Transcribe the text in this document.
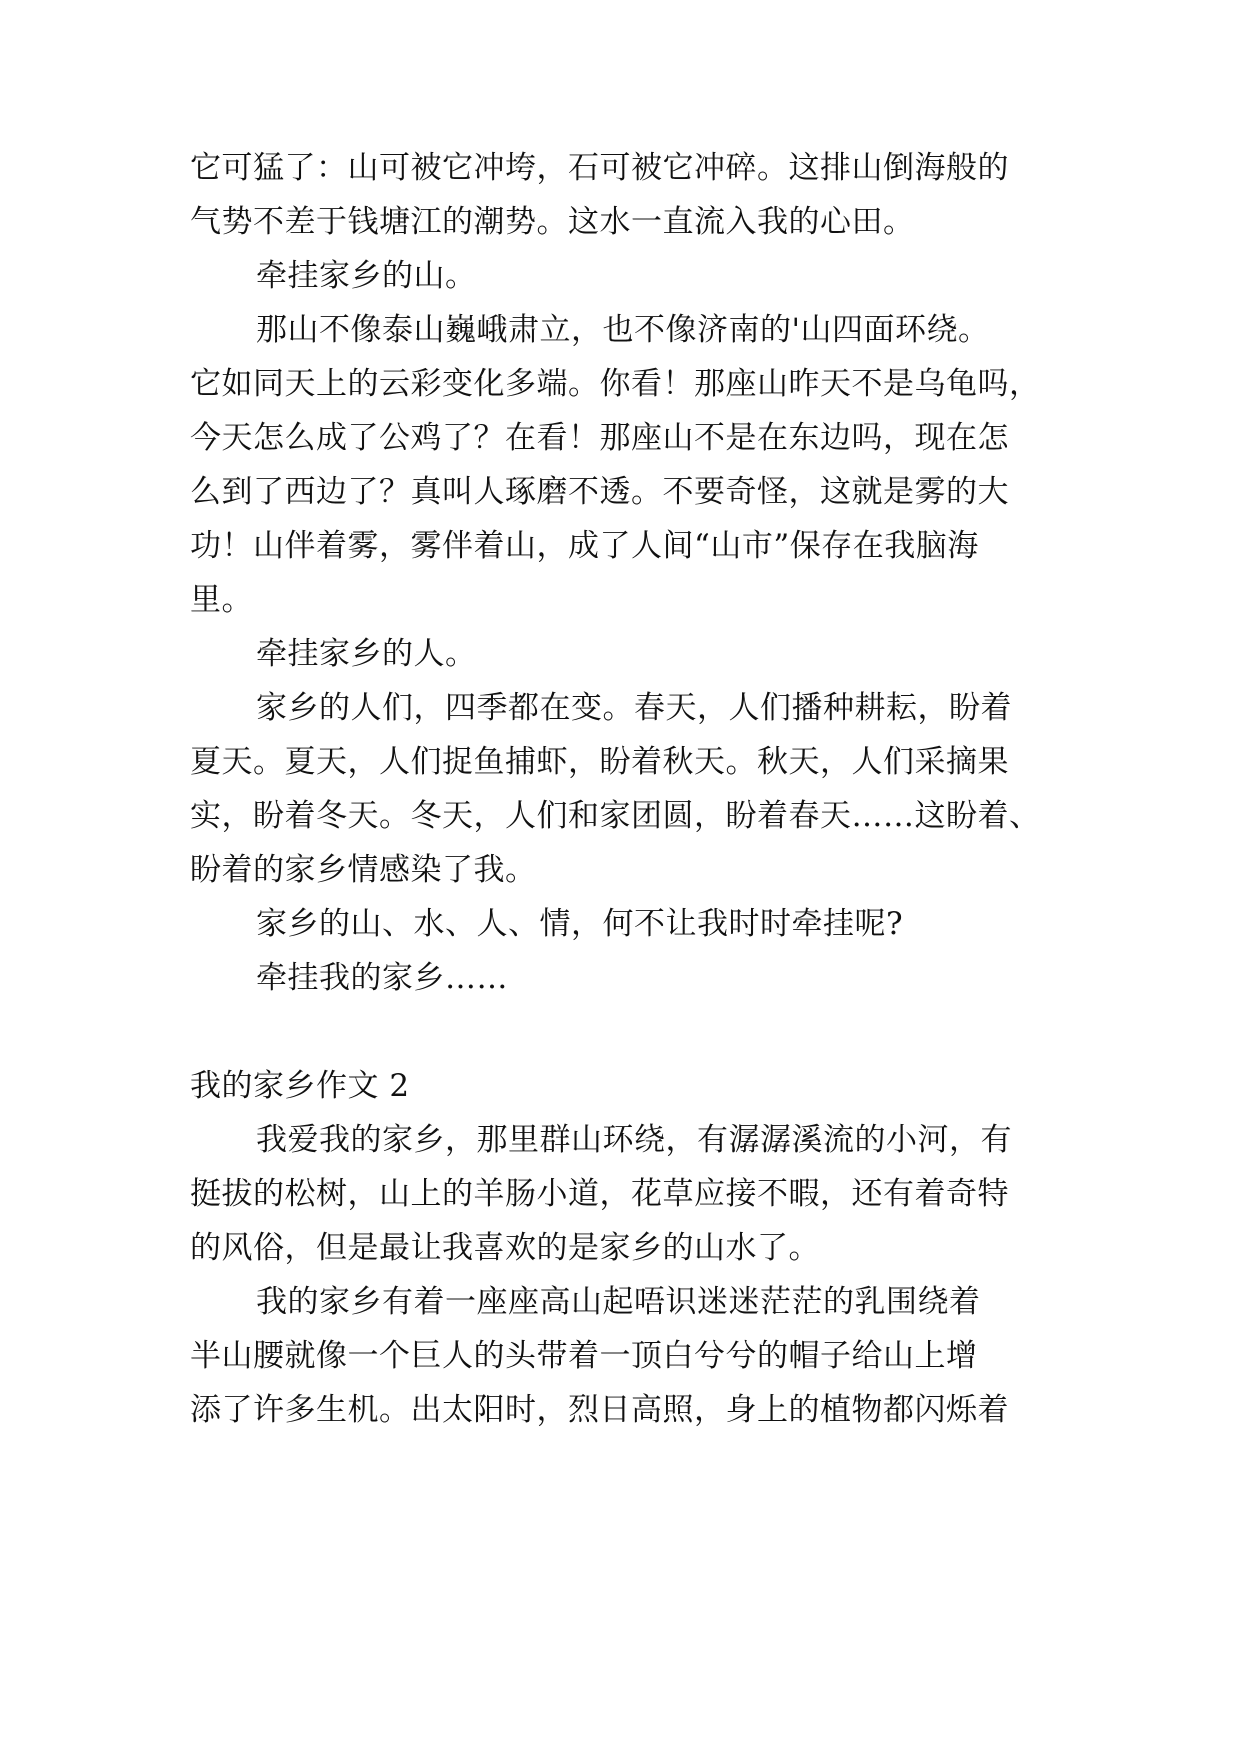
它可猛了：山可被它冲垮，石可被它冲碎。这排山倒海般的
气势不差于钱塘江的潮势。这水一直流入我的心田。
牵挂家乡的山。
那山不像泰山巍峨肃立，也不像济南的'山四面环绕。
它如同天上的云彩变化多端。你看！那座山昨天不是乌龟吗，
今天怎么成了公鸡了？在看！那座山不是在东边吗，现在怎
么到了西边了？真叫人琢磨不透。不要奇怪，这就是雾的大
功！山伴着雾，雾伴着山，成了人间“山市”保存在我脑海
里。
牵挂家乡的人。
家乡的人们，四季都在变。春天，人们播种耕耘，盼着
夏天。夏天，人们捉鱼捕虾，盼着秋天。秋天，人们采摘果
实，盼着冬天。冬天，人们和家团圆，盼着春天……这盼着、
盼着的家乡情感染了我。
家乡的山、水、人、情，何不让我时时牵挂呢?
牵挂我的家乡……
我的家乡作文 2
我爱我的家乡，那里群山环绕，有潺潺溪流的小河，有
挺拔的松树，山上的羊肠小道，花草应接不暇，还有着奇特
的风俗，但是最让我喜欢的是家乡的山水了。
我的家乡有着一座座高山起唔识迷迷茫茫的乳围绕着
半山腰就像一个巨人的头带着一顶白兮兮的帽子给山上增
添了许多生机。出太阳时，烈日高照，身上的植物都闪烁着
